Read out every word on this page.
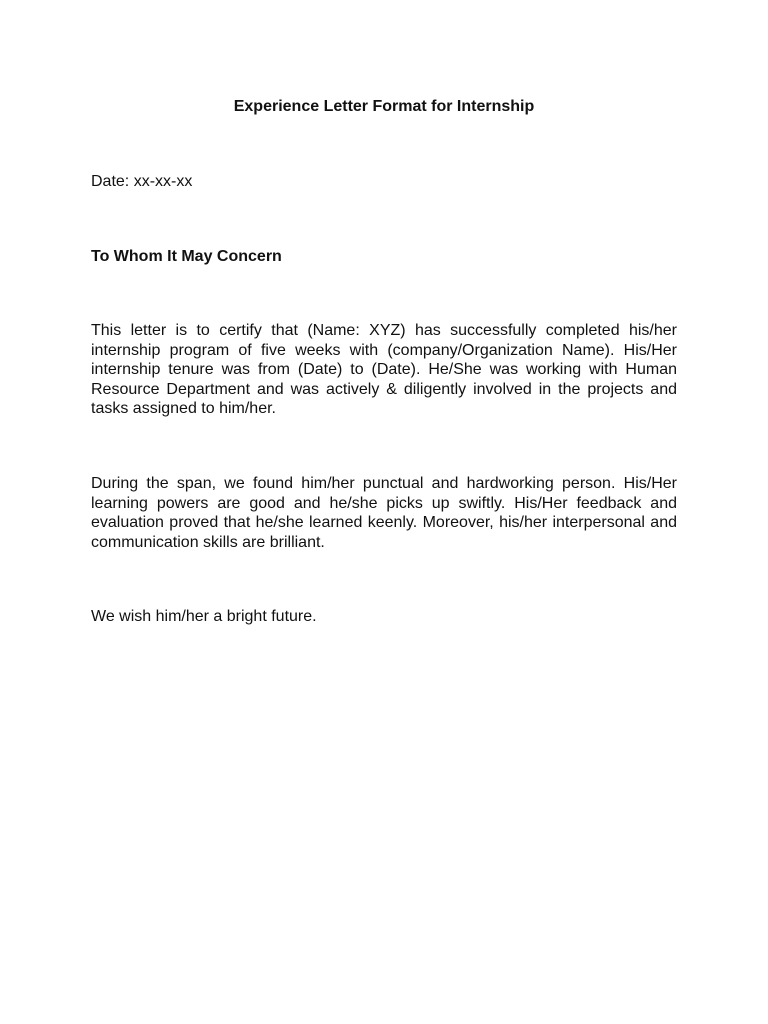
Experience Letter Format for Internship
Date: xx-xx-xx
To Whom It May Concern
This letter is to certify that (Name: XYZ) has successfully completed his/her internship program of five weeks with (company/Organization Name). His/Her internship tenure was from (Date) to (Date). He/She was working with Human Resource Department and was actively & diligently involved in the projects and tasks assigned to him/her.
During the span, we found him/her punctual and hardworking person. His/Her learning powers are good and he/she picks up swiftly. His/Her feedback and evaluation proved that he/she learned keenly. Moreover, his/her interpersonal and communication skills are brilliant.
We wish him/her a bright future.
